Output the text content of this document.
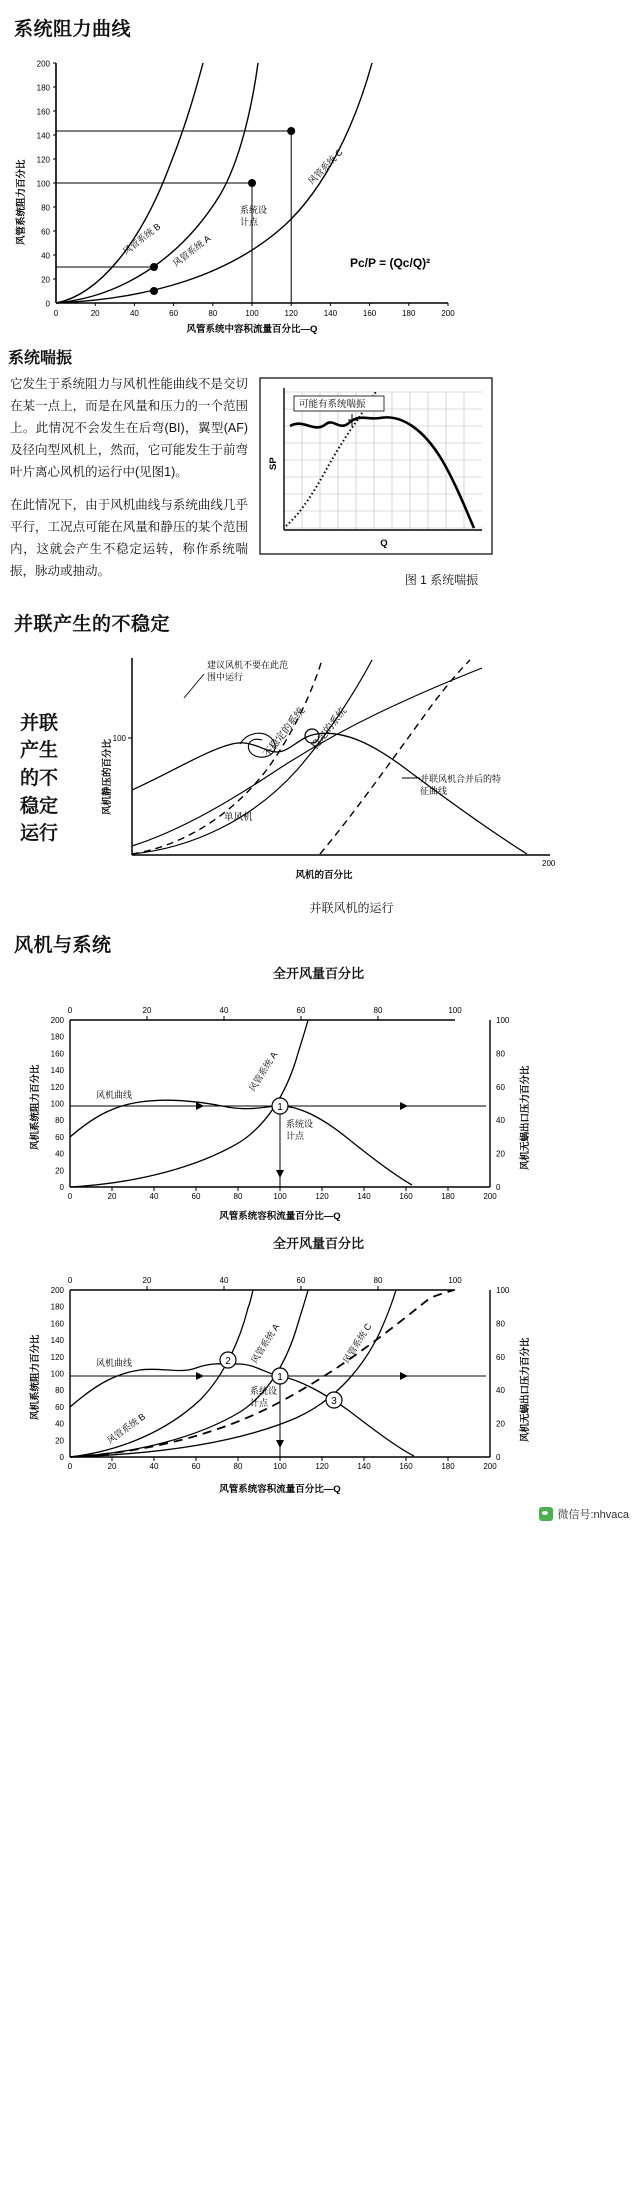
系统阻力曲线
200
180
160
140
120
100
80
60
40
20
0
0	20	40	60	80	100	120	140	160	180	200
风管系统 B 风管系统 A
风管系统 C
系统设
计点
Pc/P = (Qc/Q)²
风管系统阻力百分比
风管系统中容积流量百分比—Q
系统喘振

它发生于系统阻力与风机性能曲线不是交切在某一点上，而是在风量和压力的一个范围上。此情况不会发生在后弯(BI)，翼型(AF)及径向型风机上，然而，它可能发生于前弯叶片离心风机的运行中(见图1)。

在此情况下，由于风机曲线与系统曲线几乎平行，工况点可能在风量和静压的某个范围内，这就会产生不稳定运转，称作系统喘振，脉动或抽动。

SP
Q
可能有系统喘振
图 1 系统喘振
并联产生的不稳定
并联
产生
的不
稳定
运行
100
200
建议风机不要在此范
围中运行
不稳定的系统 稳定的系统
单风机
并联风机合并后的特
征曲线
风机静压的百分比
风机的百分比
并联风机的运行
风机与系统
全开风量百分比
0	20	40	60	80	100
200
180
160
140
120
100
80
60
40
20
0
0	20	40	60	80	100	120	140	160	180	200
100
80
60
40
20
0
1
风机曲线
风管系统 A
系统设
计点
风机系统阻力百分比	风机无蜗出口压力百分比
风管系统容积流量百分比—Q
全开风量百分比
0	20	40	60	80	100
200
180
160
140
120
100
80
60
40
20
0
0	20	40	60	80	100	120	140	160	180	200
100
80
60
40
20
0
1
2
3
风机曲线	风管系统 A
风管系统 B
风管系统 C
系统设
计点
风机系统阻力百分比	风机无蜗出口压力百分比
风管系统容积流量百分比—Q
微信号:nhvaca
